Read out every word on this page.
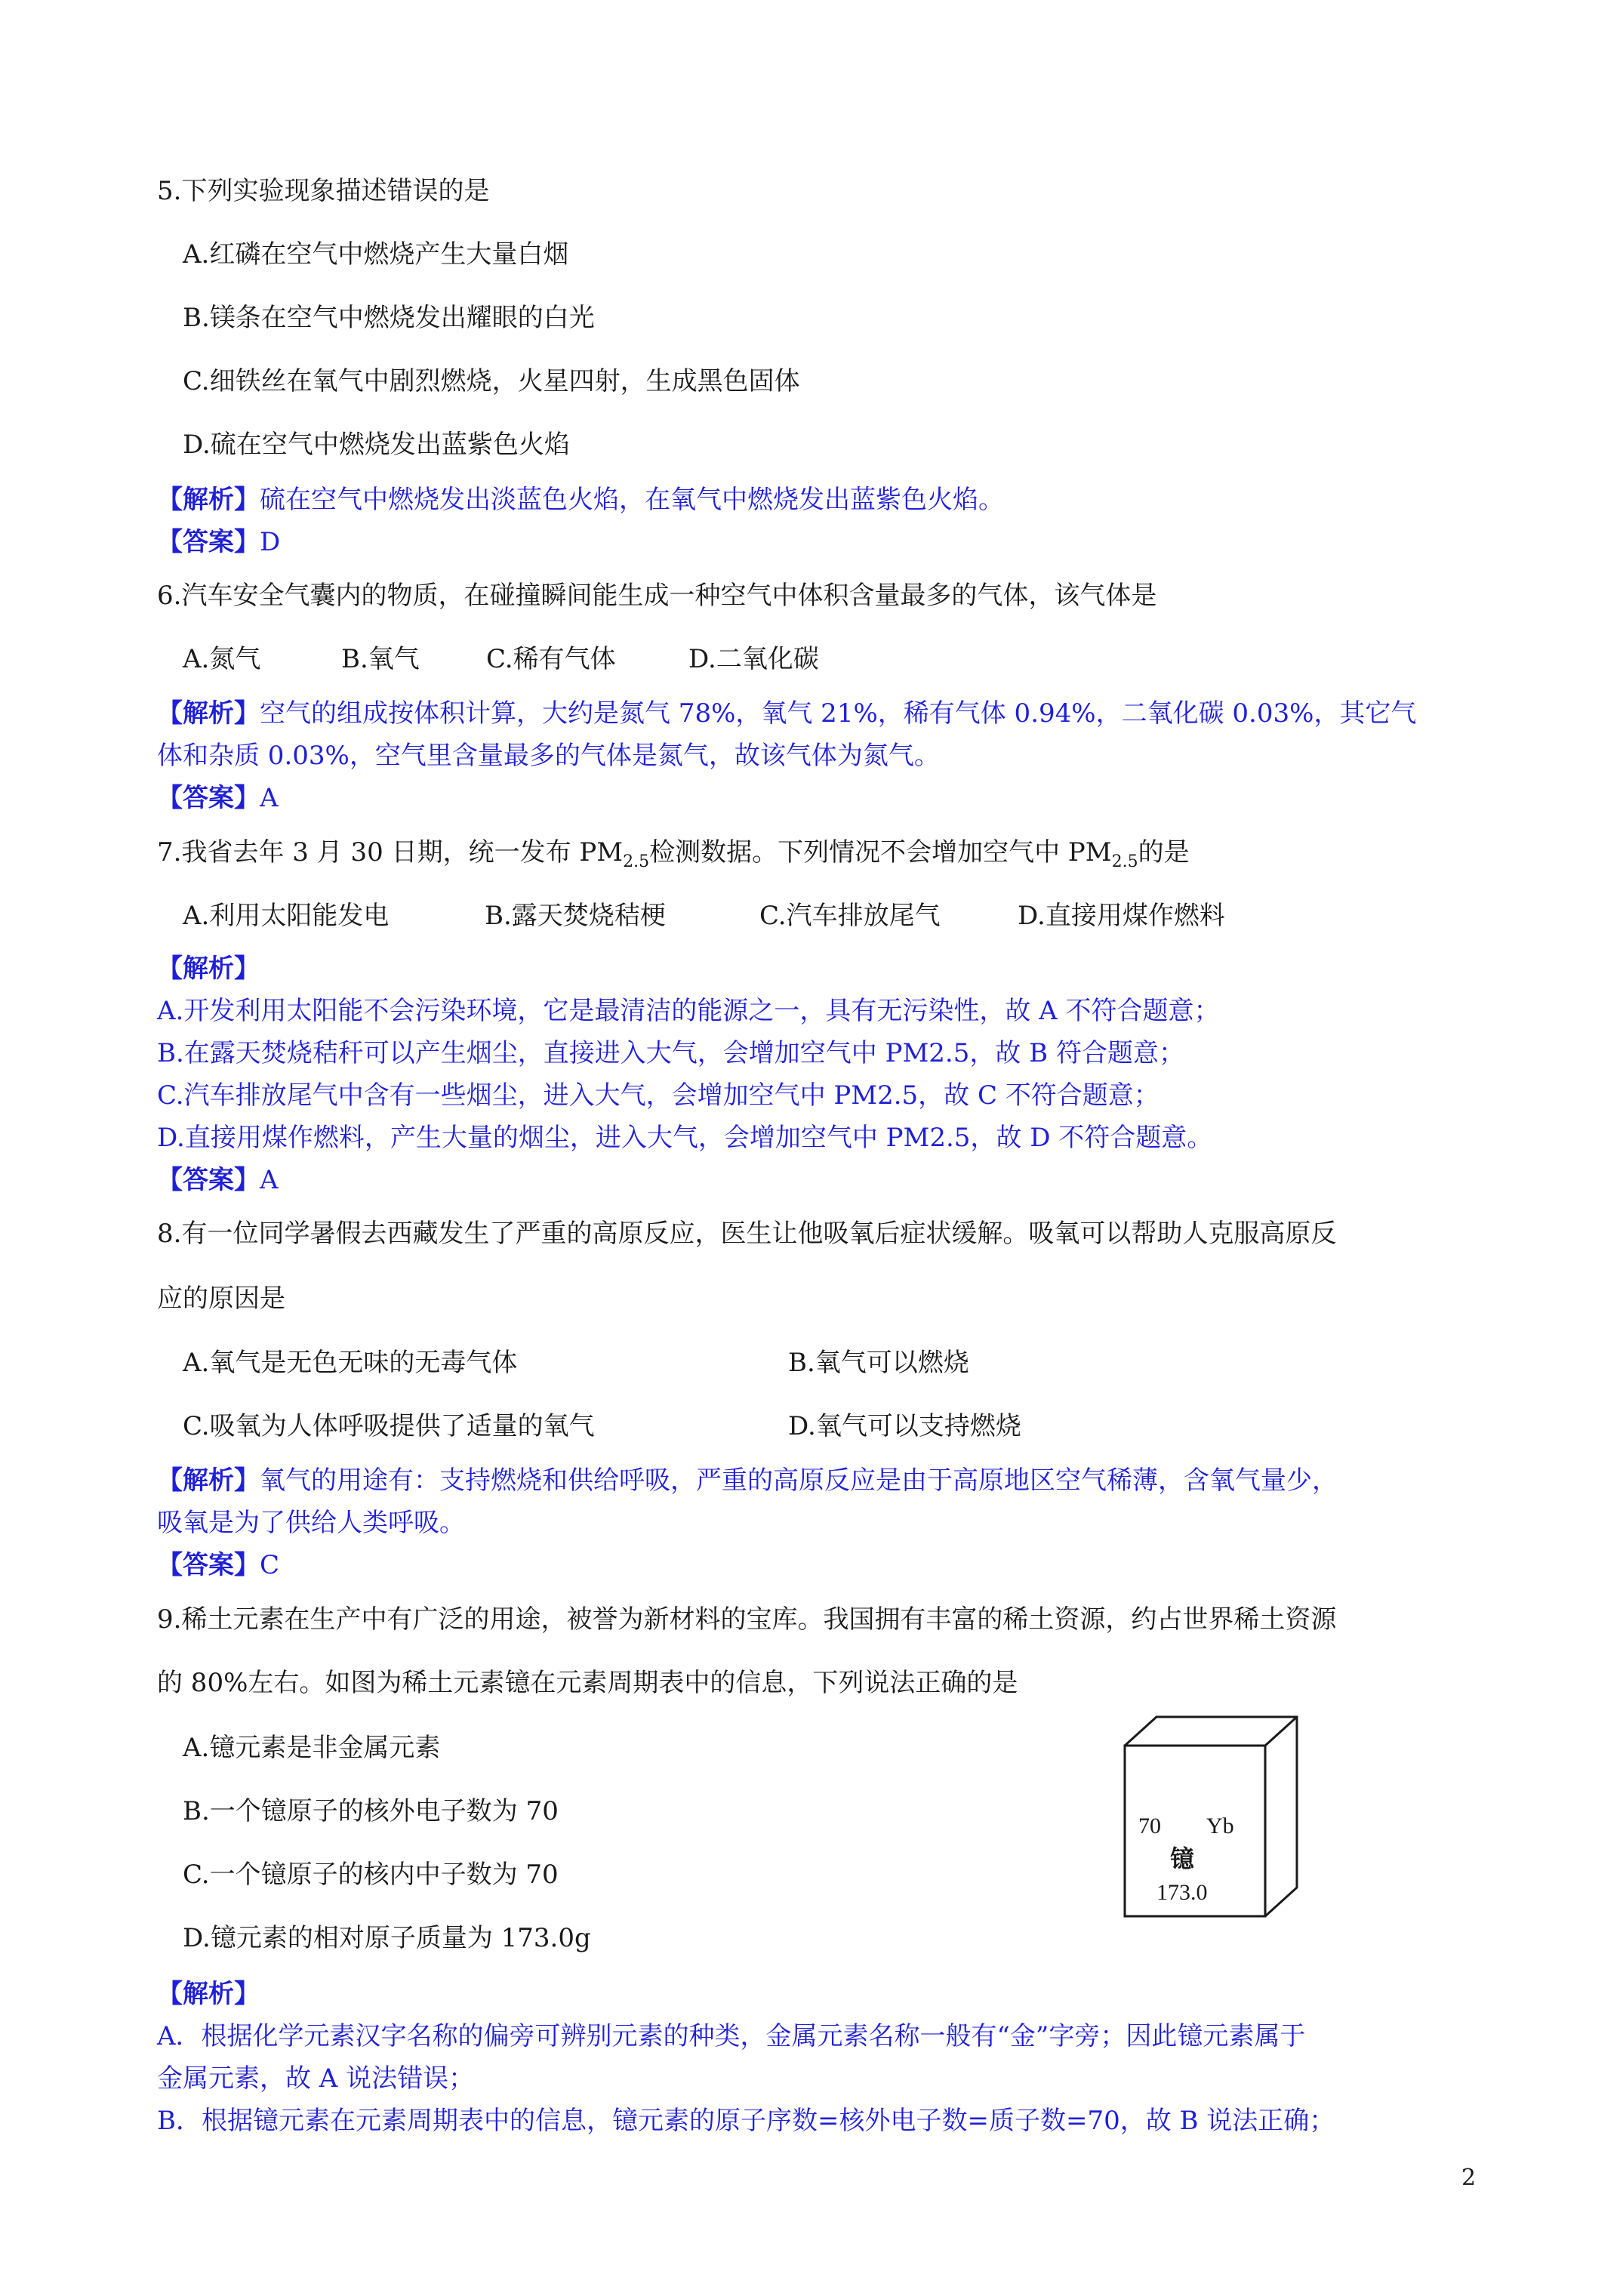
5.下列实验现象描述错误的是
A.红磷在空气中燃烧产生大量白烟
B.镁条在空气中燃烧发出耀眼的白光
C.细铁丝在氧气中剧烈燃烧，火星四射，生成黑色固体
D.硫在空气中燃烧发出蓝紫色火焰
【解析】硫在空气中燃烧发出淡蓝色火焰，在氧气中燃烧发出蓝紫色火焰。
【答案】D
6.汽车安全气囊内的物质，在碰撞瞬间能生成一种空气中体积含量最多的气体，该气体是
A.氮气	B.氧气	C.稀有气体	D.二氧化碳
【解析】空气的组成按体积计算，大约是氮气 78%，氧气 21%，稀有气体 0.94%，二氧化碳 0.03%，其它气
体和杂质 0.03%，空气里含量最多的气体是氮气，故该气体为氮气。
【答案】A
7.我省去年 3 月 30 日期，统一发布 $PM_{2.5}$检测数据。下列情况不会增加空气中 $PM_{2.5}$的是
A.利用太阳能发电	B.露天焚烧秸梗	C.汽车排放尾气	D.直接用煤作燃料
【解析】
A.开发利用太阳能不会污染环境，它是最清洁的能源之一，具有无污染性，故 A 不符合题意；
B.在露天焚烧秸秆可以产生烟尘，直接进入大气，会增加空气中 PM2.5，故 B 符合题意；
C.汽车排放尾气中含有一些烟尘，进入大气，会增加空气中 PM2.5，故 C 不符合题意；
D.直接用煤作燃料，产生大量的烟尘，进入大气，会增加空气中 PM2.5，故 D 不符合题意。
【答案】A
8.有一位同学暑假去西藏发生了严重的高原反应，医生让他吸氧后症状缓解。吸氧可以帮助人克服高原反
应的原因是
A.氧气是无色无味的无毒气体	B.氧气可以燃烧
C.吸氧为人体呼吸提供了适量的氧气	D.氧气可以支持燃烧
【解析】氧气的用途有：支持燃烧和供给呼吸，严重的高原反应是由于高原地区空气稀薄，含氧气量少，
吸氧是为了供给人类呼吸。
【答案】C
9.稀土元素在生产中有广泛的用途，被誉为新材料的宝库。我国拥有丰富的稀土资源，约占世界稀土资源
的 80%左右。如图为稀土元素镱在元素周期表中的信息，下列说法正确的是
A.镱元素是非金属元素
B.一个镱原子的核外电子数为 70
C.一个镱原子的核内中子数为 70
D.镱元素的相对原子质量为 173.0g
70 Yb
镱
173.0
【解析】
A．根据化学元素汉字名称的偏旁可辨别元素的种类，金属元素名称一般有“金”字旁；因此镱元素属于
金属元素，故 A 说法错误；
B．根据镱元素在元素周期表中的信息，镱元素的原子序数=核外电子数=质子数=70，故 B 说法正确；
2
